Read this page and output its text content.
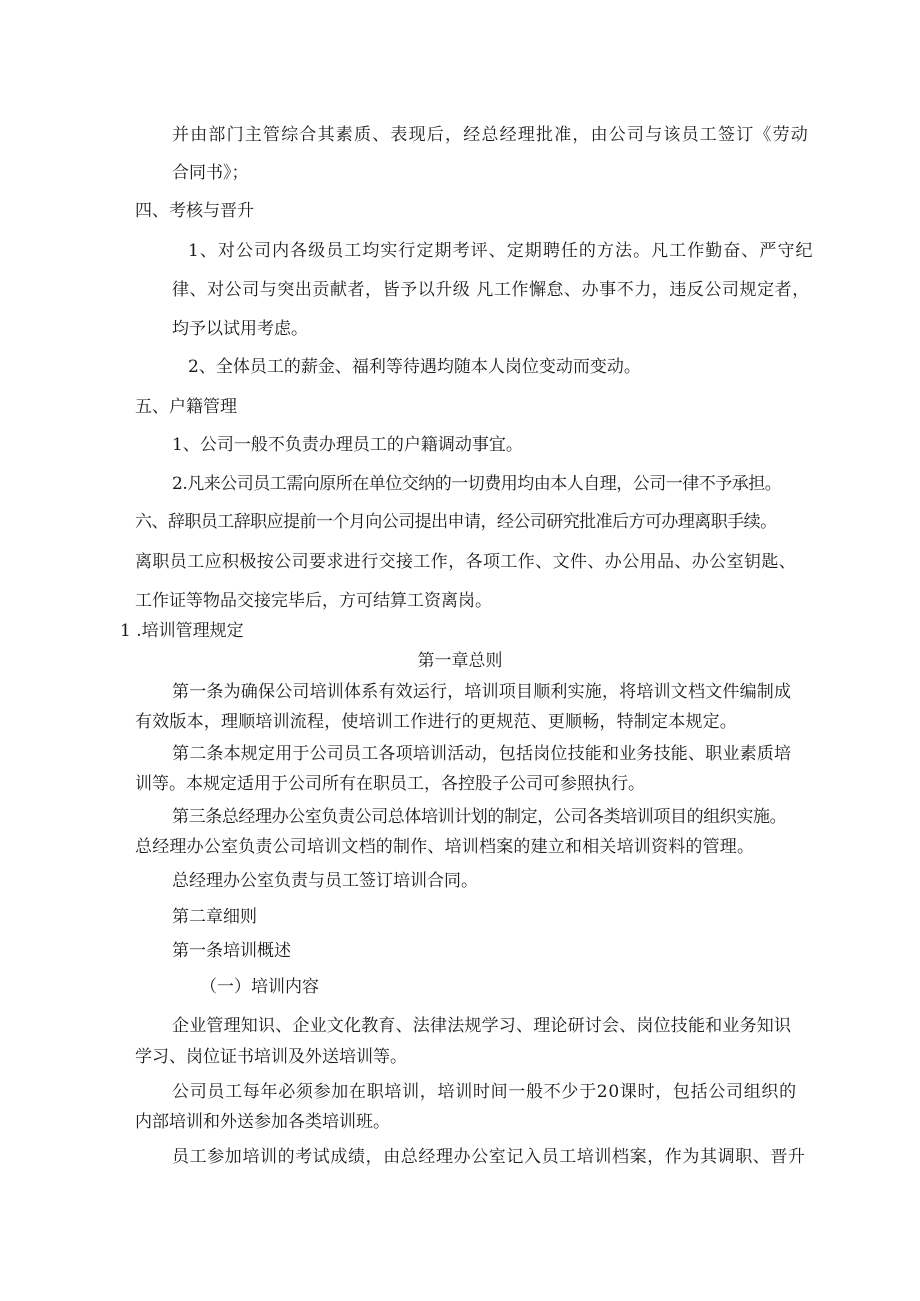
并由部门主管综合其素质、表现后，经总经理批准，由公司与该员工签订《劳动
合同书》；
四、考核与晋升
1、对公司内各级员工均实行定期考评、定期聘任的方法。凡工作勤奋、严守纪
律、对公司与突出贡献者，皆予以升级 凡工作懈怠、办事不力，违反公司规定者，
均予以试用考虑。
2、全体员工的薪金、福利等待遇均随本人岗位变动而变动。
五、户籍管理
1、公司一般不负责办理员工的户籍调动事宜。
2.凡来公司员工需向原所在单位交纳的一切费用均由本人自理，公司一律不予承担。
六、辞职员工辞职应提前一个月向公司提出申请，经公司研究批准后方可办理离职手续。
离职员工应积极按公司要求进行交接工作，各项工作、文件、办公用品、办公室钥匙、
工作证等物品交接完毕后，方可结算工资离岗。
1 .培训管理规定
第一章总则
第一条为确保公司培训体系有效运行，培训项目顺利实施，将培训文档文件编制成
有效版本，理顺培训流程，使培训工作进行的更规范、更顺畅，特制定本规定。
第二条本规定用于公司员工各项培训活动，包括岗位技能和业务技能、职业素质培
训等。本规定适用于公司所有在职员工，各控股子公司可参照执行。
第三条总经理办公室负责公司总体培训计划的制定，公司各类培训项目的组织实施。
总经理办公室负责公司培训文档的制作、培训档案的建立和相关培训资料的管理。
总经理办公室负责与员工签订培训合同。
第二章细则
第一条培训概述
（一）培训内容
企业管理知识、企业文化教育、法律法规学习、理论研讨会、岗位技能和业务知识
学习、岗位证书培训及外送培训等。
公司员工每年必须参加在职培训，培训时间一般不少于20课时，包括公司组织的
内部培训和外送参加各类培训班。
员工参加培训的考试成绩，由总经理办公室记入员工培训档案，作为其调职、晋升
